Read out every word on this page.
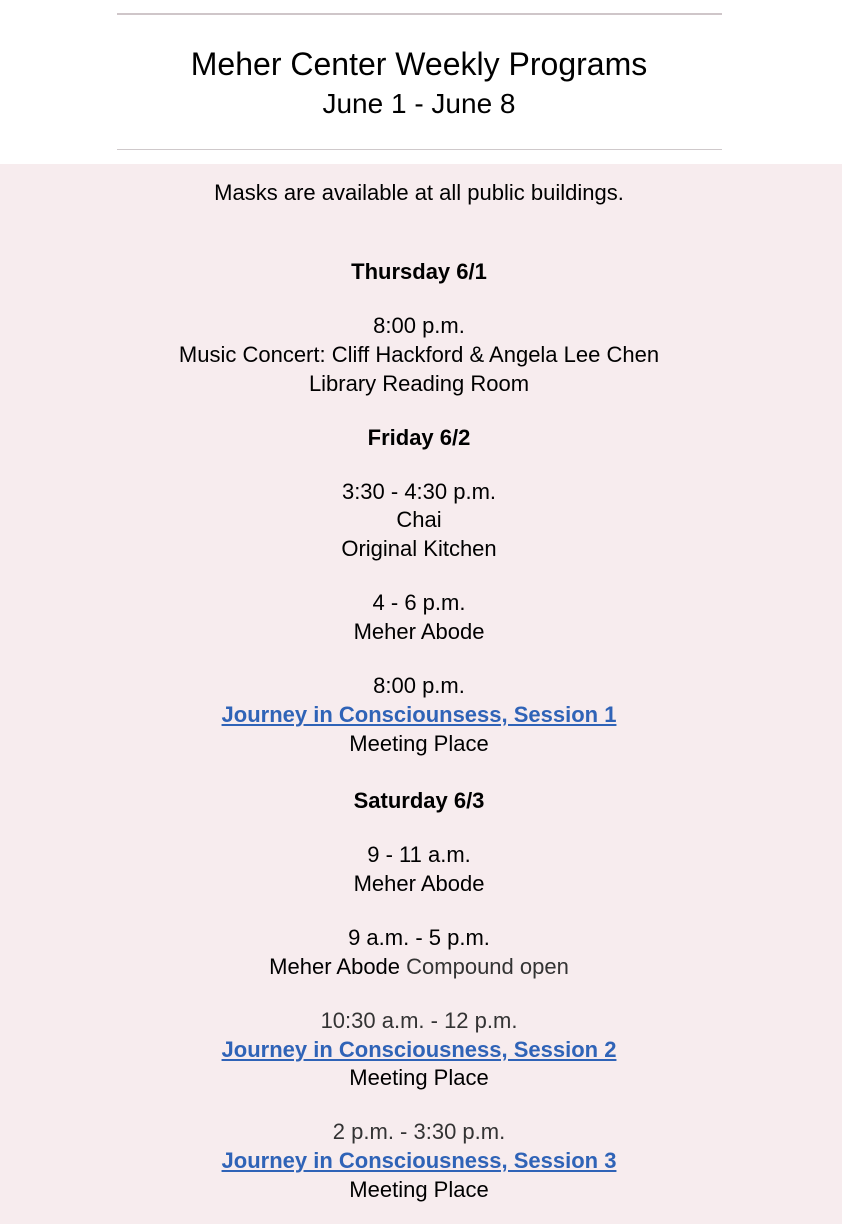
Meher Center Weekly Programs
June 1 - June 8
Masks are available at all public buildings.
Thursday 6/1
8:00 p.m.
Music Concert: Cliff Hackford & Angela Lee Chen
Library Reading Room
Friday 6/2
3:30 - 4:30 p.m.
Chai
Original Kitchen
4 - 6 p.m.
Meher Abode
8:00 p.m.
Journey in Consciounsess, Session 1
Meeting Place
Saturday 6/3
9 - 11 a.m.
Meher Abode
9 a.m. - 5 p.m.
Meher Abode Compound open
10:30 a.m. - 12 p.m.
Journey in Consciousness, Session 2
Meeting Place
2 p.m. - 3:30 p.m.
Journey in Consciousness, Session 3
Meeting Place
